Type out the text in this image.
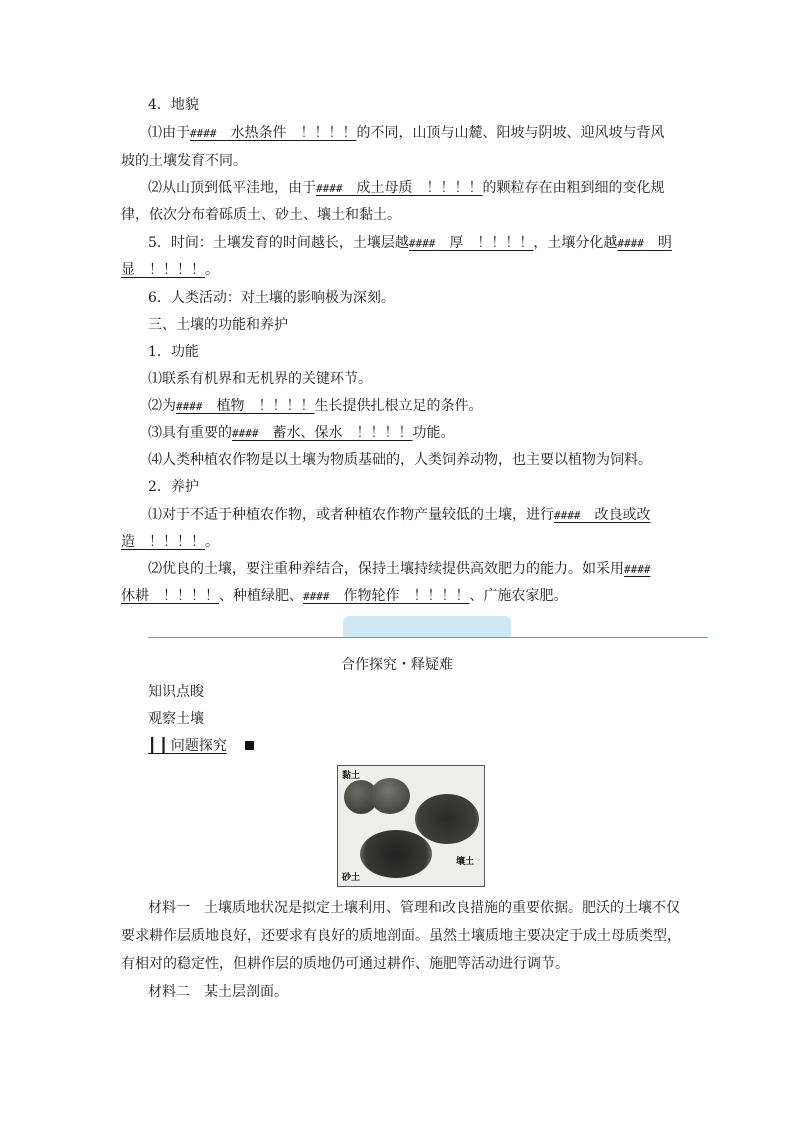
4．地貌
⑴由于####　水热条件　！！！！的不同，山顶与山麓、阳坡与阴坡、迎风坡与背风
坡的土壤发育不同。
⑵从山顶到低平洼地，由于####　成土母质　！！！！的颗粒存在由粗到细的变化规
律，依次分布着砾质土、砂土、壤土和黏土。
5．时间：土壤发育的时间越长，土壤层越####　厚　！！！！，土壤分化越####　明
显　！！！！。
6．人类活动：对土壤的影响极为深刻。
三、土壤的功能和养护
1．功能
⑴联系有机界和无机界的关键环节。
⑵为####　植物　！！！！生长提供扎根立足的条件。
⑶具有重要的####　蓄水、保水　！！！！功能。
⑷人类种植农作物是以土壤为物质基础的，人类饲养动物，也主要以植物为饲料。
2．养护
⑴对于不适于种植农作物，或者种植农作物产量较低的土壤，进行####　改良或改
造　！！！！。
⑵优良的土壤，要注重种养结合，保持土壤持续提供高效肥力的能力。如采用####
休耕　！！！！、种植绿肥、####　作物轮作　！！！！、广施农家肥。
合作探究・释疑难
知识点睃
观察土壤
┃┃问题探究　
黏土
壤土
砂土
材料一　土壤质地状况是拟定土壤利用、管理和改良措施的重要依据。肥沃的土壤不仅
要求耕作层质地良好，还要求有良好的质地剖面。虽然土壤质地主要决定于成土母质类型，
有相对的稳定性，但耕作层的质地仍可通过耕作、施肥等活动进行调节。
材料二　某土层剖面。
